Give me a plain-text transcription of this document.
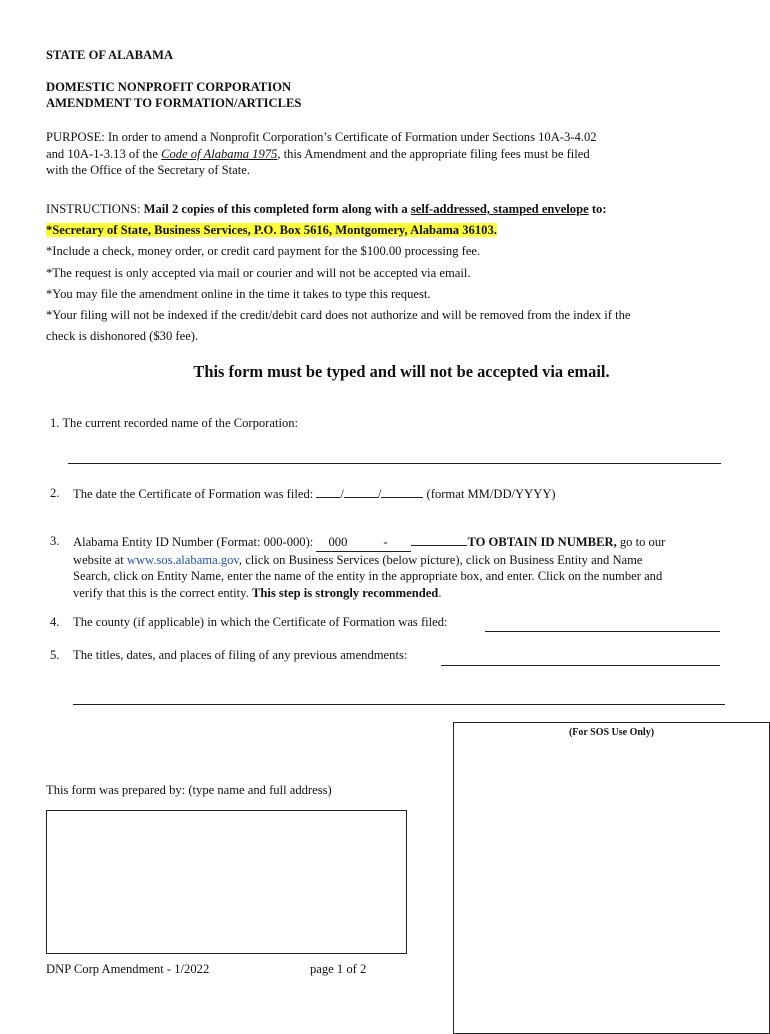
STATE OF ALABAMA
DOMESTIC NONPROFIT CORPORATION
AMENDMENT TO FORMATION/ARTICLES
PURPOSE: In order to amend a Nonprofit Corporation’s Certificate of Formation under Sections 10A-3-4.02
and 10A-1-3.13 of the Code of Alabama 1975, this Amendment and the appropriate filing fees must be filed
with the Office of the Secretary of State.
INSTRUCTIONS: Mail 2 copies of this completed form along with a self-addressed, stamped envelope to:
*Secretary of State, Business Services, P.O. Box 5616, Montgomery, Alabama 36103.
*Include a check, money order, or credit card payment for the $100.00 processing fee.
*The request is only accepted via mail or courier and will not be accepted via email.
*You may file the amendment online in the time it takes to type this request.
*Your filing will not be indexed if the credit/debit card does not authorize and will be removed from the index if the
check is dishonored ($30 fee).
This form must be typed and will not be accepted via email.
1. The current recorded name of the Corporation:
2. The date the Certificate of Formation was filed: /	/	(format MM/DD/YYYY)
3. Alabama Entity ID Number (Format: 000-000): 000	-	TO OBTAIN ID NUMBER, go to our
website at www.sos.alabama.gov, click on Business Services (below picture), click on Business Entity and Name
Search, click on Entity Name, enter the name of the entity in the appropriate box, and enter. Click on the number and
verify that this is the correct entity. This step is strongly recommended.
4. The county (if applicable) in which the Certificate of Formation was filed:
5. The titles, dates, and places of filing of any previous amendments:
(For SOS Use Only)
This form was prepared by: (type name and full address)
DNP Corp Amendment - 1/2022	page 1 of 2
